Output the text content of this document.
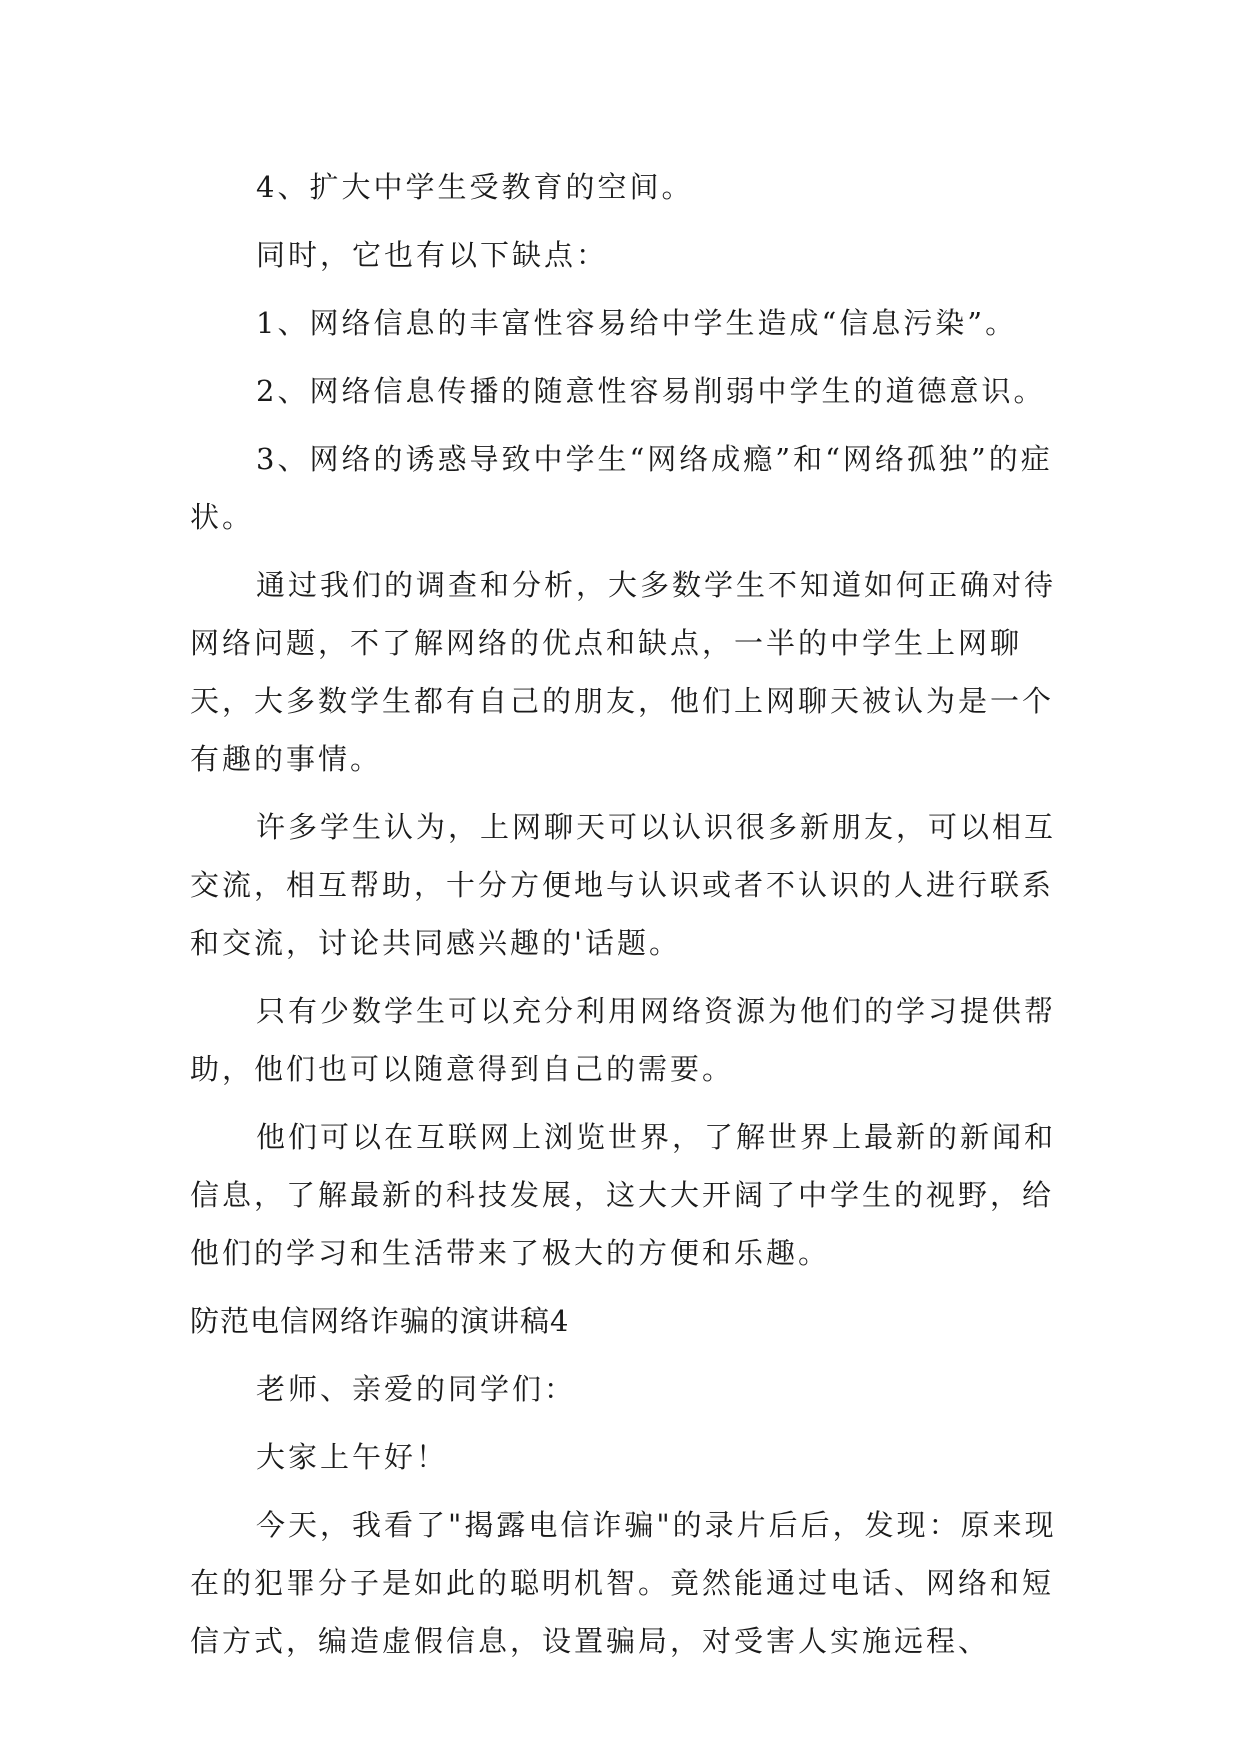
4、扩大中学生受教育的空间。

同时，它也有以下缺点：

1、网络信息的丰富性容易给中学生造成“信息污染”。

2、网络信息传播的随意性容易削弱中学生的道德意识。

3、网络的诱惑导致中学生“网络成瘾”和“网络孤独”的症状。

通过我们的调查和分析，大多数学生不知道如何正确对待网络问题，不了解网络的优点和缺点，一半的中学生上网聊天，大多数学生都有自己的朋友，他们上网聊天被认为是一个有趣的事情。

许多学生认为，上网聊天可以认识很多新朋友，可以相互交流，相互帮助，十分方便地与认识或者不认识的人进行联系和交流，讨论共同感兴趣的'话题。

只有少数学生可以充分利用网络资源为他们的学习提供帮助，他们也可以随意得到自己的需要。

他们可以在互联网上浏览世界，了解世界上最新的新闻和信息，了解最新的科技发展，这大大开阔了中学生的视野，给他们的学习和生活带来了极大的方便和乐趣。

防范电信网络诈骗的演讲稿4

老师、亲爱的同学们：

大家上午好！

今天，我看了"揭露电信诈骗"的录片后后，发现：原来现在的犯罪分子是如此的聪明机智。竟然能通过电话、网络和短信方式，编造虚假信息，设置骗局，对受害人实施远程、
